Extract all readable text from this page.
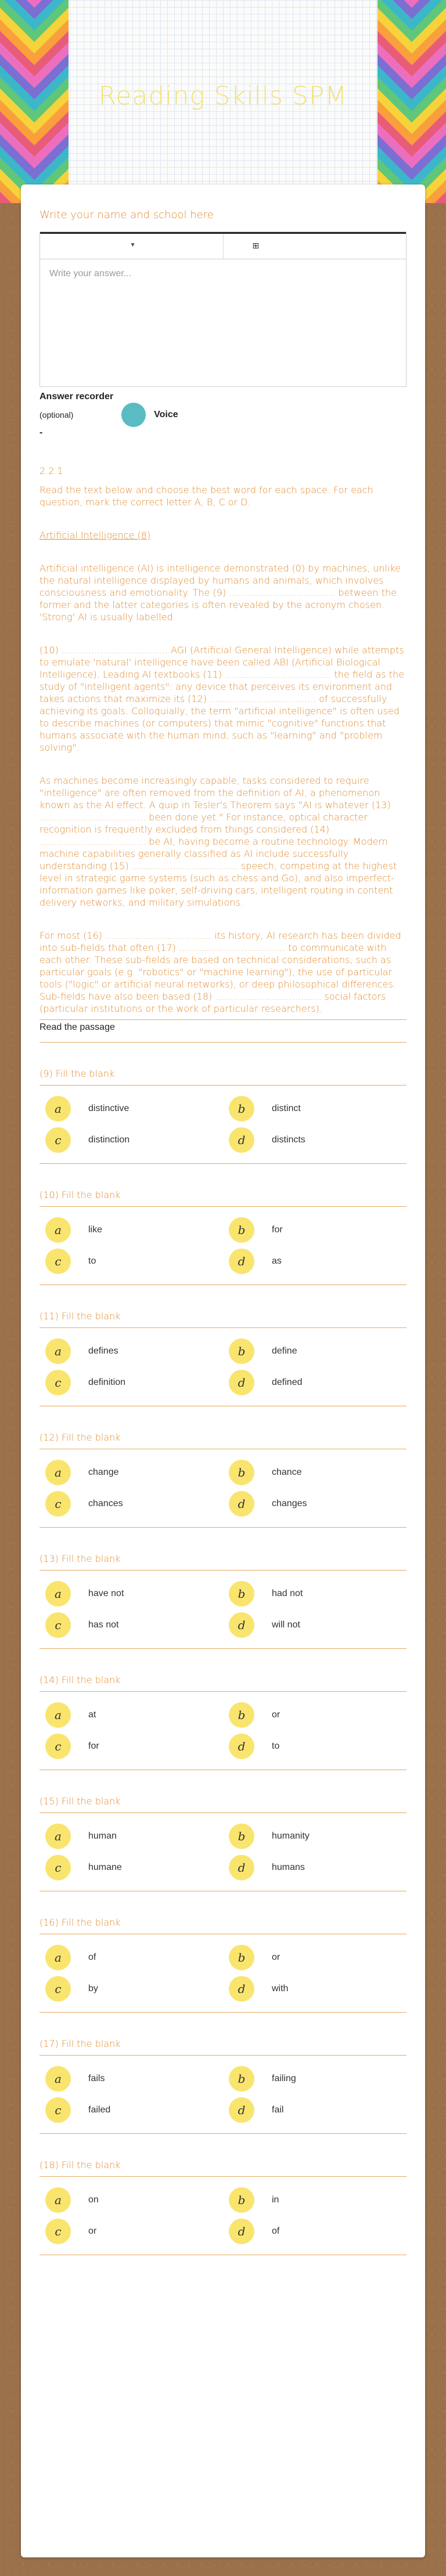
Reading Skills SPM
Write your name and school here
▼	⊞
Write your answer...
Answer recorder
(optional)
-
Voice
2.2.1

Read the text below and choose the best word for each space. For each question, mark the correct letter A, B, C or D.

Artificial Intelligence (8)

Artificial intelligence (AI) is intelligence demonstrated (0) by machines, unlike the natural intelligence displayed by humans and animals, which involves consciousness and emotionality. The (9) .................................... between the former and the latter categories is often revealed by the acronym chosen. 'Strong' AI is usually labelled

(10) .................................... AGI (Artificial General Intelligence) while attempts to emulate 'natural' intelligence have been called ABI (Artificial Biological Intelligence). Leading AI textbooks (11) .................................... the field as the study of "intelligent agents": any device that perceives its environment and takes actions that maximize its (12) .................................... of successfully achieving its goals. Colloquially, the term "artificial intelligence" is often used to describe machines (or computers) that mimic "cognitive" functions that humans associate with the human mind, such as "learning" and "problem solving".

As machines become increasingly capable, tasks considered to require "intelligence" are often removed from the definition of AI, a phenomenon known as the AI effect. A quip in Tesler's Theorem says "AI is whatever (13) .................................... been done yet." For instance, optical character recognition is frequently excluded from things considered (14) .................................... be AI, having become a routine technology. Modern machine capabilities generally classified as AI include successfully understanding (15) .................................... speech, competing at the highest level in strategic game systems (such as chess and Go), and also imperfect-information games like poker, self-driving cars, intelligent routing in content delivery networks, and military simulations.

For most (16) .................................... its history, AI research has been divided into sub-fields that often (17) .................................... to communicate with each other. These sub-fields are based on technical considerations, such as particular goals (e.g. "robotics" or "machine learning"), the use of particular tools ("logic" or artificial neural networks), or deep philosophical differences. Sub-fields have also been based (18) .................................... social factors (particular institutions or the work of particular researchers).

Read the passage
(9) Fill the blank
a	distinctive	b	distinct
c	distinction	d	distincts
(10) Fill the blank
a	like	b	for
c	to	d	as
(11) Fill the blank
a	defines	b	define
c	definition	d	defined
(12) Fill the blank
a	change	b	chance
c	chances	d	changes
(13) Fill the blank
a	have not	b	had not
c	has not	d	will not
(14) Fill the blank
a	at	b	or
c	for	d	to
(15) Fill the blank
a	human	b	humanity
c	humane	d	humans
(16) Fill the blank
a	of	b	or
c	by	d	with
(17) Fill the blank
a	fails	b	failing
c	failed	d	fail
(18) Fill the blank
a	on	b	in
c	or	d	of
